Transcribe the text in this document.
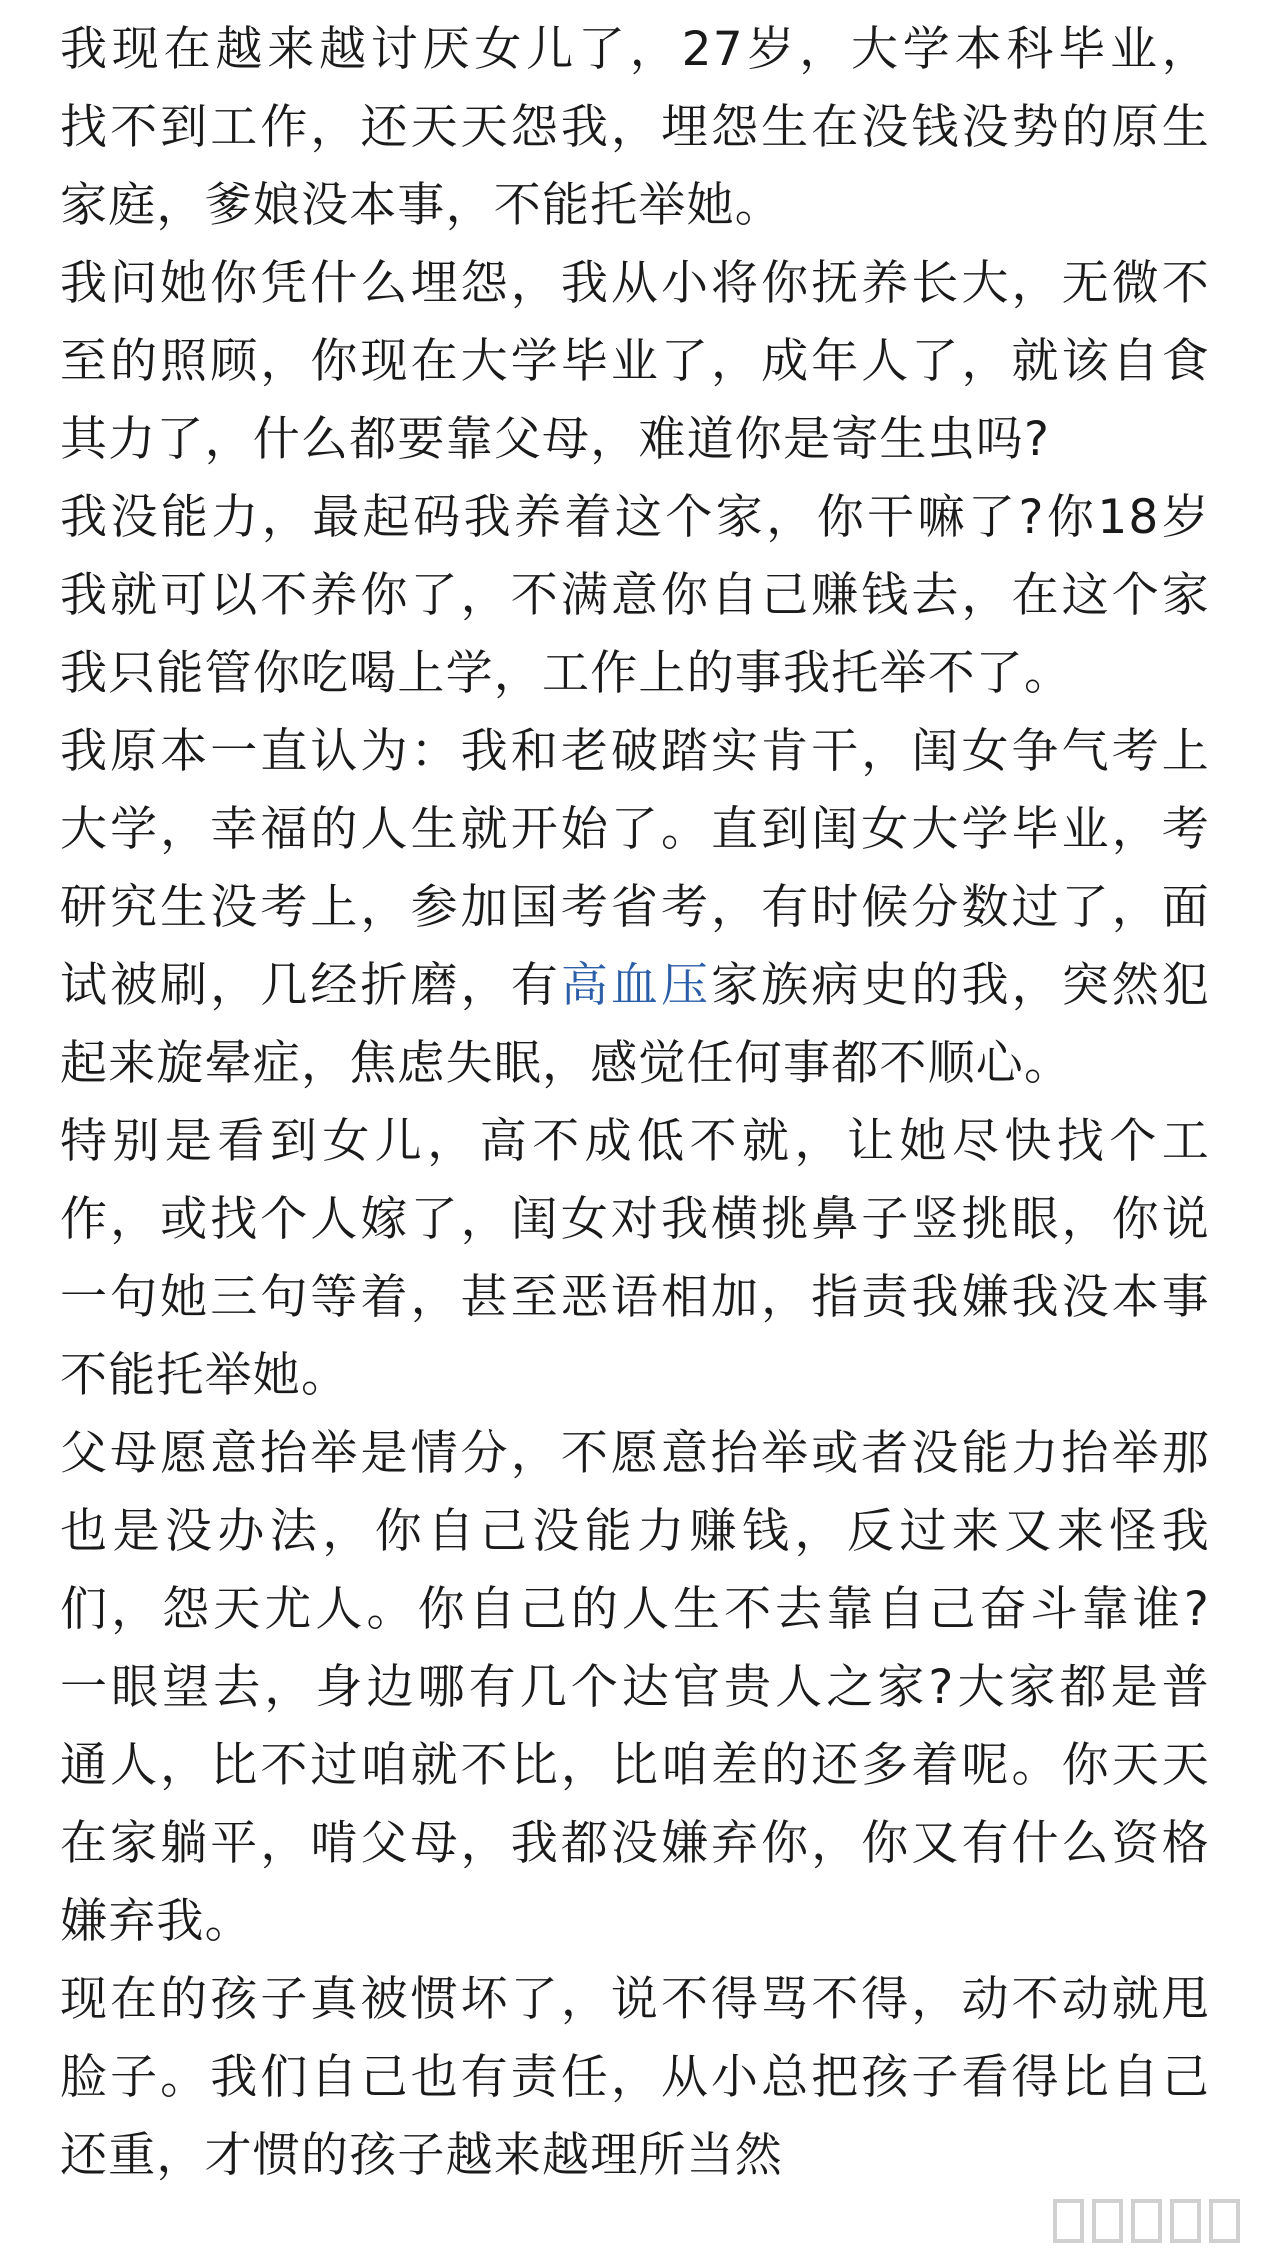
我现在越来越讨厌女儿了，27岁，大学本科毕业，
找不到工作，还天天怨我，埋怨生在没钱没势的原生
家庭，爹娘没本事，不能托举她。
我问她你凭什么埋怨，我从小将你抚养长大，无微不
至的照顾，你现在大学毕业了，成年人了，就该自食
其力了，什么都要靠父母，难道你是寄生虫吗?
我没能力，最起码我养着这个家，你干嘛了?你18岁
我就可以不养你了，不满意你自己赚钱去，在这个家
我只能管你吃喝上学，工作上的事我托举不了。
我原本一直认为：我和老破踏实肯干，闺女争气考上
大学，幸福的人生就开始了。直到闺女大学毕业，考
研究生没考上，参加国考省考，有时候分数过了，面
试被刷，几经折磨，有高血压家族病史的我，突然犯
起来旋晕症，焦虑失眠，感觉任何事都不顺心。
特别是看到女儿，高不成低不就，让她尽快找个工
作，或找个人嫁了，闺女对我横挑鼻子竖挑眼，你说
一句她三句等着，甚至恶语相加，指责我嫌我没本事
不能托举她。
父母愿意抬举是情分，不愿意抬举或者没能力抬举那
也是没办法，你自己没能力赚钱，反过来又来怪我
们，怨天尤人。你自己的人生不去靠自己奋斗靠谁?
一眼望去，身边哪有几个达官贵人之家?大家都是普
通人，比不过咱就不比，比咱差的还多着呢。你天天
在家躺平，啃父母，我都没嫌弃你，你又有什么资格
嫌弃我。
现在的孩子真被惯坏了，说不得骂不得，动不动就甩
脸子。我们自己也有责任，从小总把孩子看得比自己
还重，才惯的孩子越来越理所当然
